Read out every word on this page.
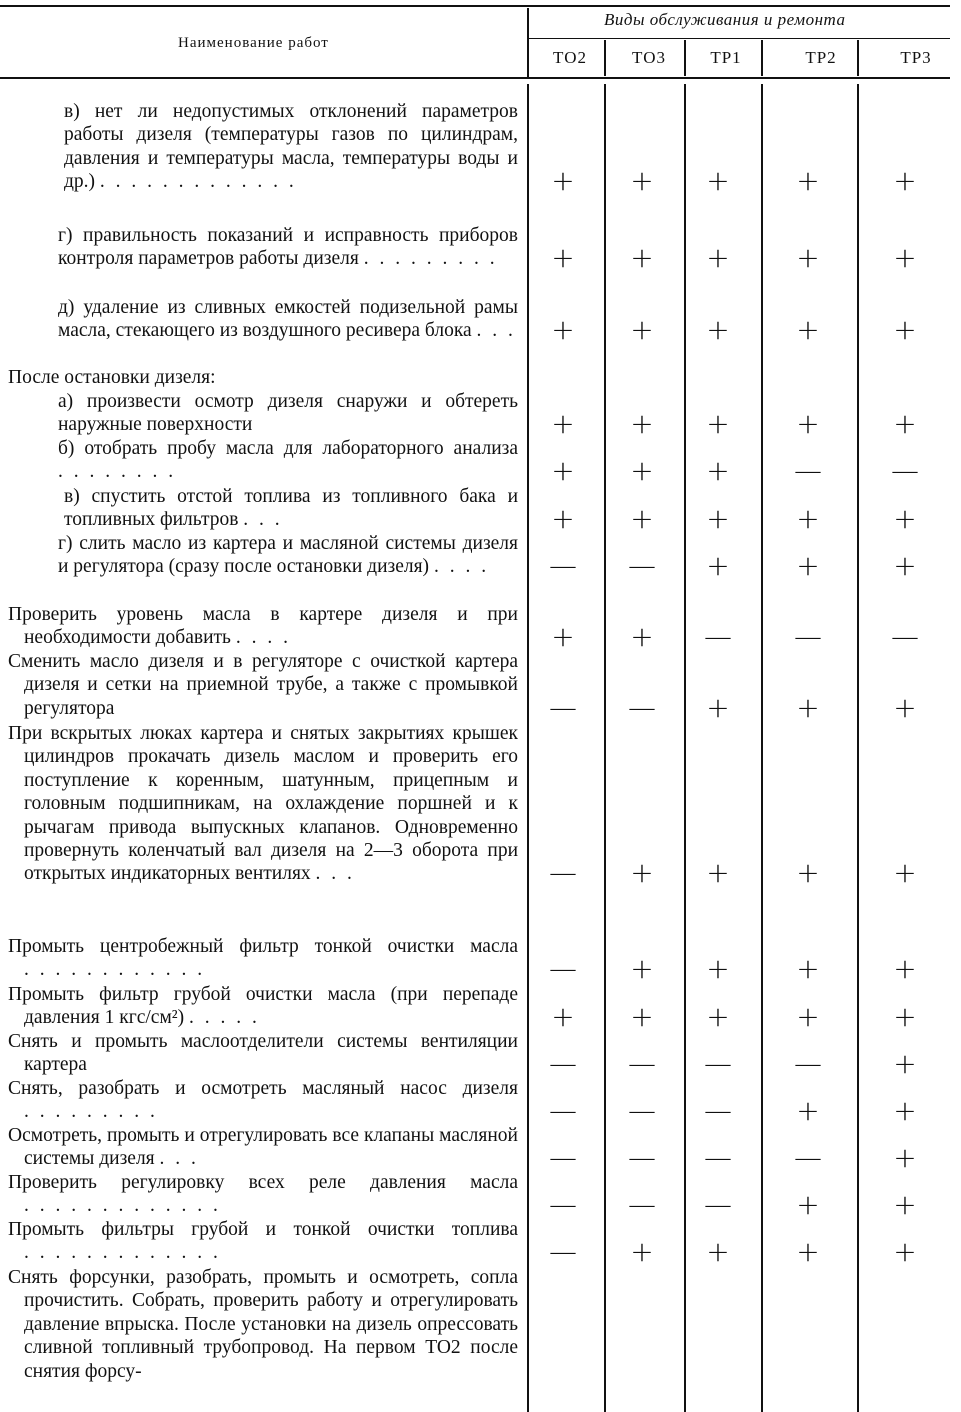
Наименование работ
Виды обслуживания и ремонта
ТО2	ТО3	ТР1	ТР2	ТР3

в) нет ли недопустимых отклонений параметров работы дизеля (температуры газов по цилиндрам, давления и температуры масла, температуры воды и др.) . . . . . . . . . . . . .	+ + + +	+

г) правильность показаний и исправность приборов контроля параметров работы дизеля . . . . . . . . .	+ + + +	+

д) удаление из сливных емкостей подизельной рамы масла, стекающего из воздушного ресивера блока . . . + + + +	+

После остановки дизеля:

а) произвести осмотр дизеля снаружи и обтереть наружные поверхности	+ + + +	+

б) отобрать пробу масла для лабораторного анализа . . . . . . . .	+ + + — —

в) спустить отстой топлива из топливного бака и топливных фильтров . . .	+ + + +	+

г) слить масло из картера и масляной системы дизеля и регулятора (сразу после остановки дизеля) . . . .	— — + +	+

Проверить уровень масла в картере дизеля и при необходимости добавить . . . .	+ + — — —

Сменить масло дизеля и в регуляторе с очисткой картера дизеля и сетки на приемной трубе, а также с промывкой регулятора	— — + +	+

При вскрытых люках картера и снятых закрытиях крышек цилиндров прокачать дизель маслом и проверить его поступление к коренным, шатунным, прицепным и головным подшипникам, на охлаждение поршней и к рычагам привода выпускных клапанов. Одновременно провернуть коленчатый вал дизеля на 2—3 оборота при открытых индикаторных вентилях . . .	— + + +	+

Промыть центробежный фильтр тонкой очистки масла . . . . . . . . . . . .	— + + +	+

Промыть фильтр грубой очистки масла (при перепаде давления 1 кгс/см²) . . . . .	+ + + +	+

Снять и промыть маслоотделители системы вентиляции картера	— — — —	+

Снять, разобрать и осмотреть масляный насос дизеля . . . . . . . . .	— — — +	+

Осмотреть, промыть и отрегулировать все клапаны масляной системы дизеля . . .	— — — —	+

Проверить регулировку всех реле давления масла . . . . . . . . . . . . .	— — — +	+

Промыть фильтры грубой и тонкой очистки топлива . . . . . . . . . . . . .	— + + +	+

Снять форсунки, разобрать, промыть и осмотреть, сопла прочистить. Собрать, проверить работу и отрегулировать давление впрыска. После установки на дизель опрессовать сливной топливный трубопровод. На первом ТО2 после снятия форсу-
